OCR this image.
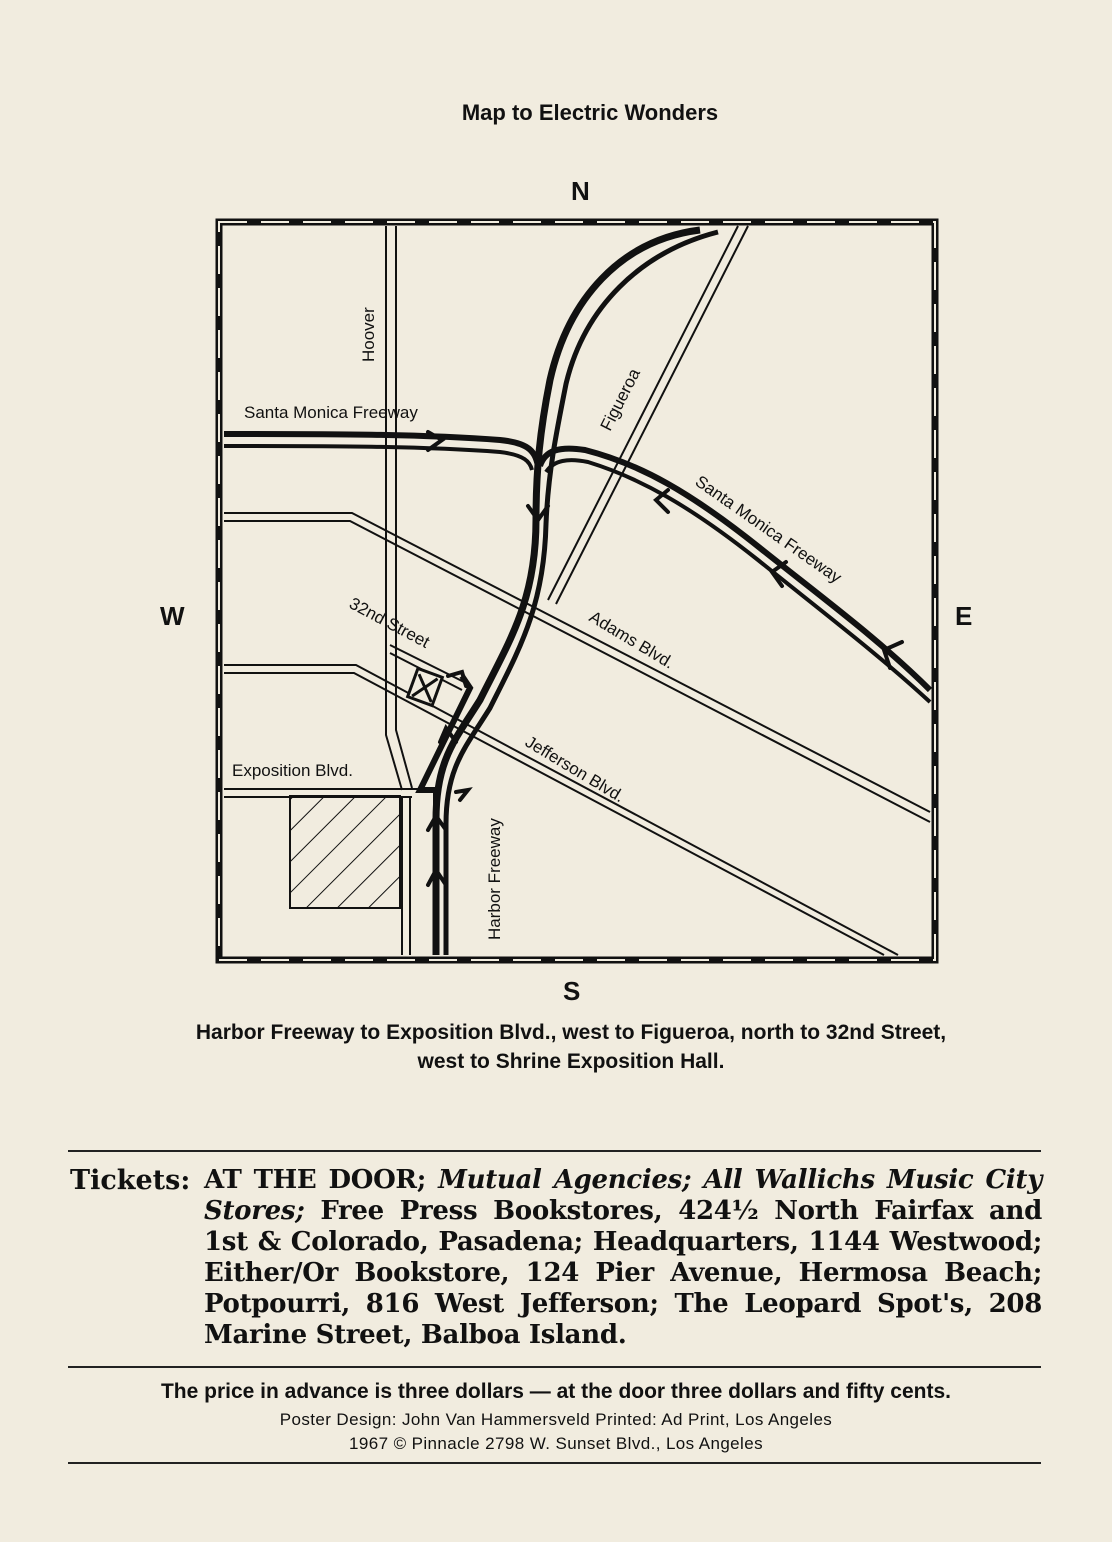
Map to Electric Wonders
N
S
E
W
Hoover
Santa Monica Freeway	Figueroa
Santa Monica Freeway
32nd Street	Adams Blvd.
Jefferson Blvd.
Exposition Blvd.
Harbor Freeway
Harbor Freeway to Exposition Blvd., west to Figueroa, north to 32nd Street,
west to Shrine Exposition Hall.
Tickets: AT THE DOOR; Mutual Agencies; All Wallichs Music City Stores; Free Press Bookstores, 424½ North Fairfax and 1st & Colorado, Pasadena; Headquarters, 1144 Westwood; Either/Or Bookstore, 124 Pier Avenue, Hermosa Beach; Potpourri, 816 West Jefferson; The Leopard Spot's, 208 Marine Street, Balboa Island.
The price in advance is three dollars — at the door three dollars and fifty cents.
Poster Design: John Van Hammersveld Printed: Ad Print, Los Angeles
1967 © Pinnacle 2798 W. Sunset Blvd., Los Angeles
